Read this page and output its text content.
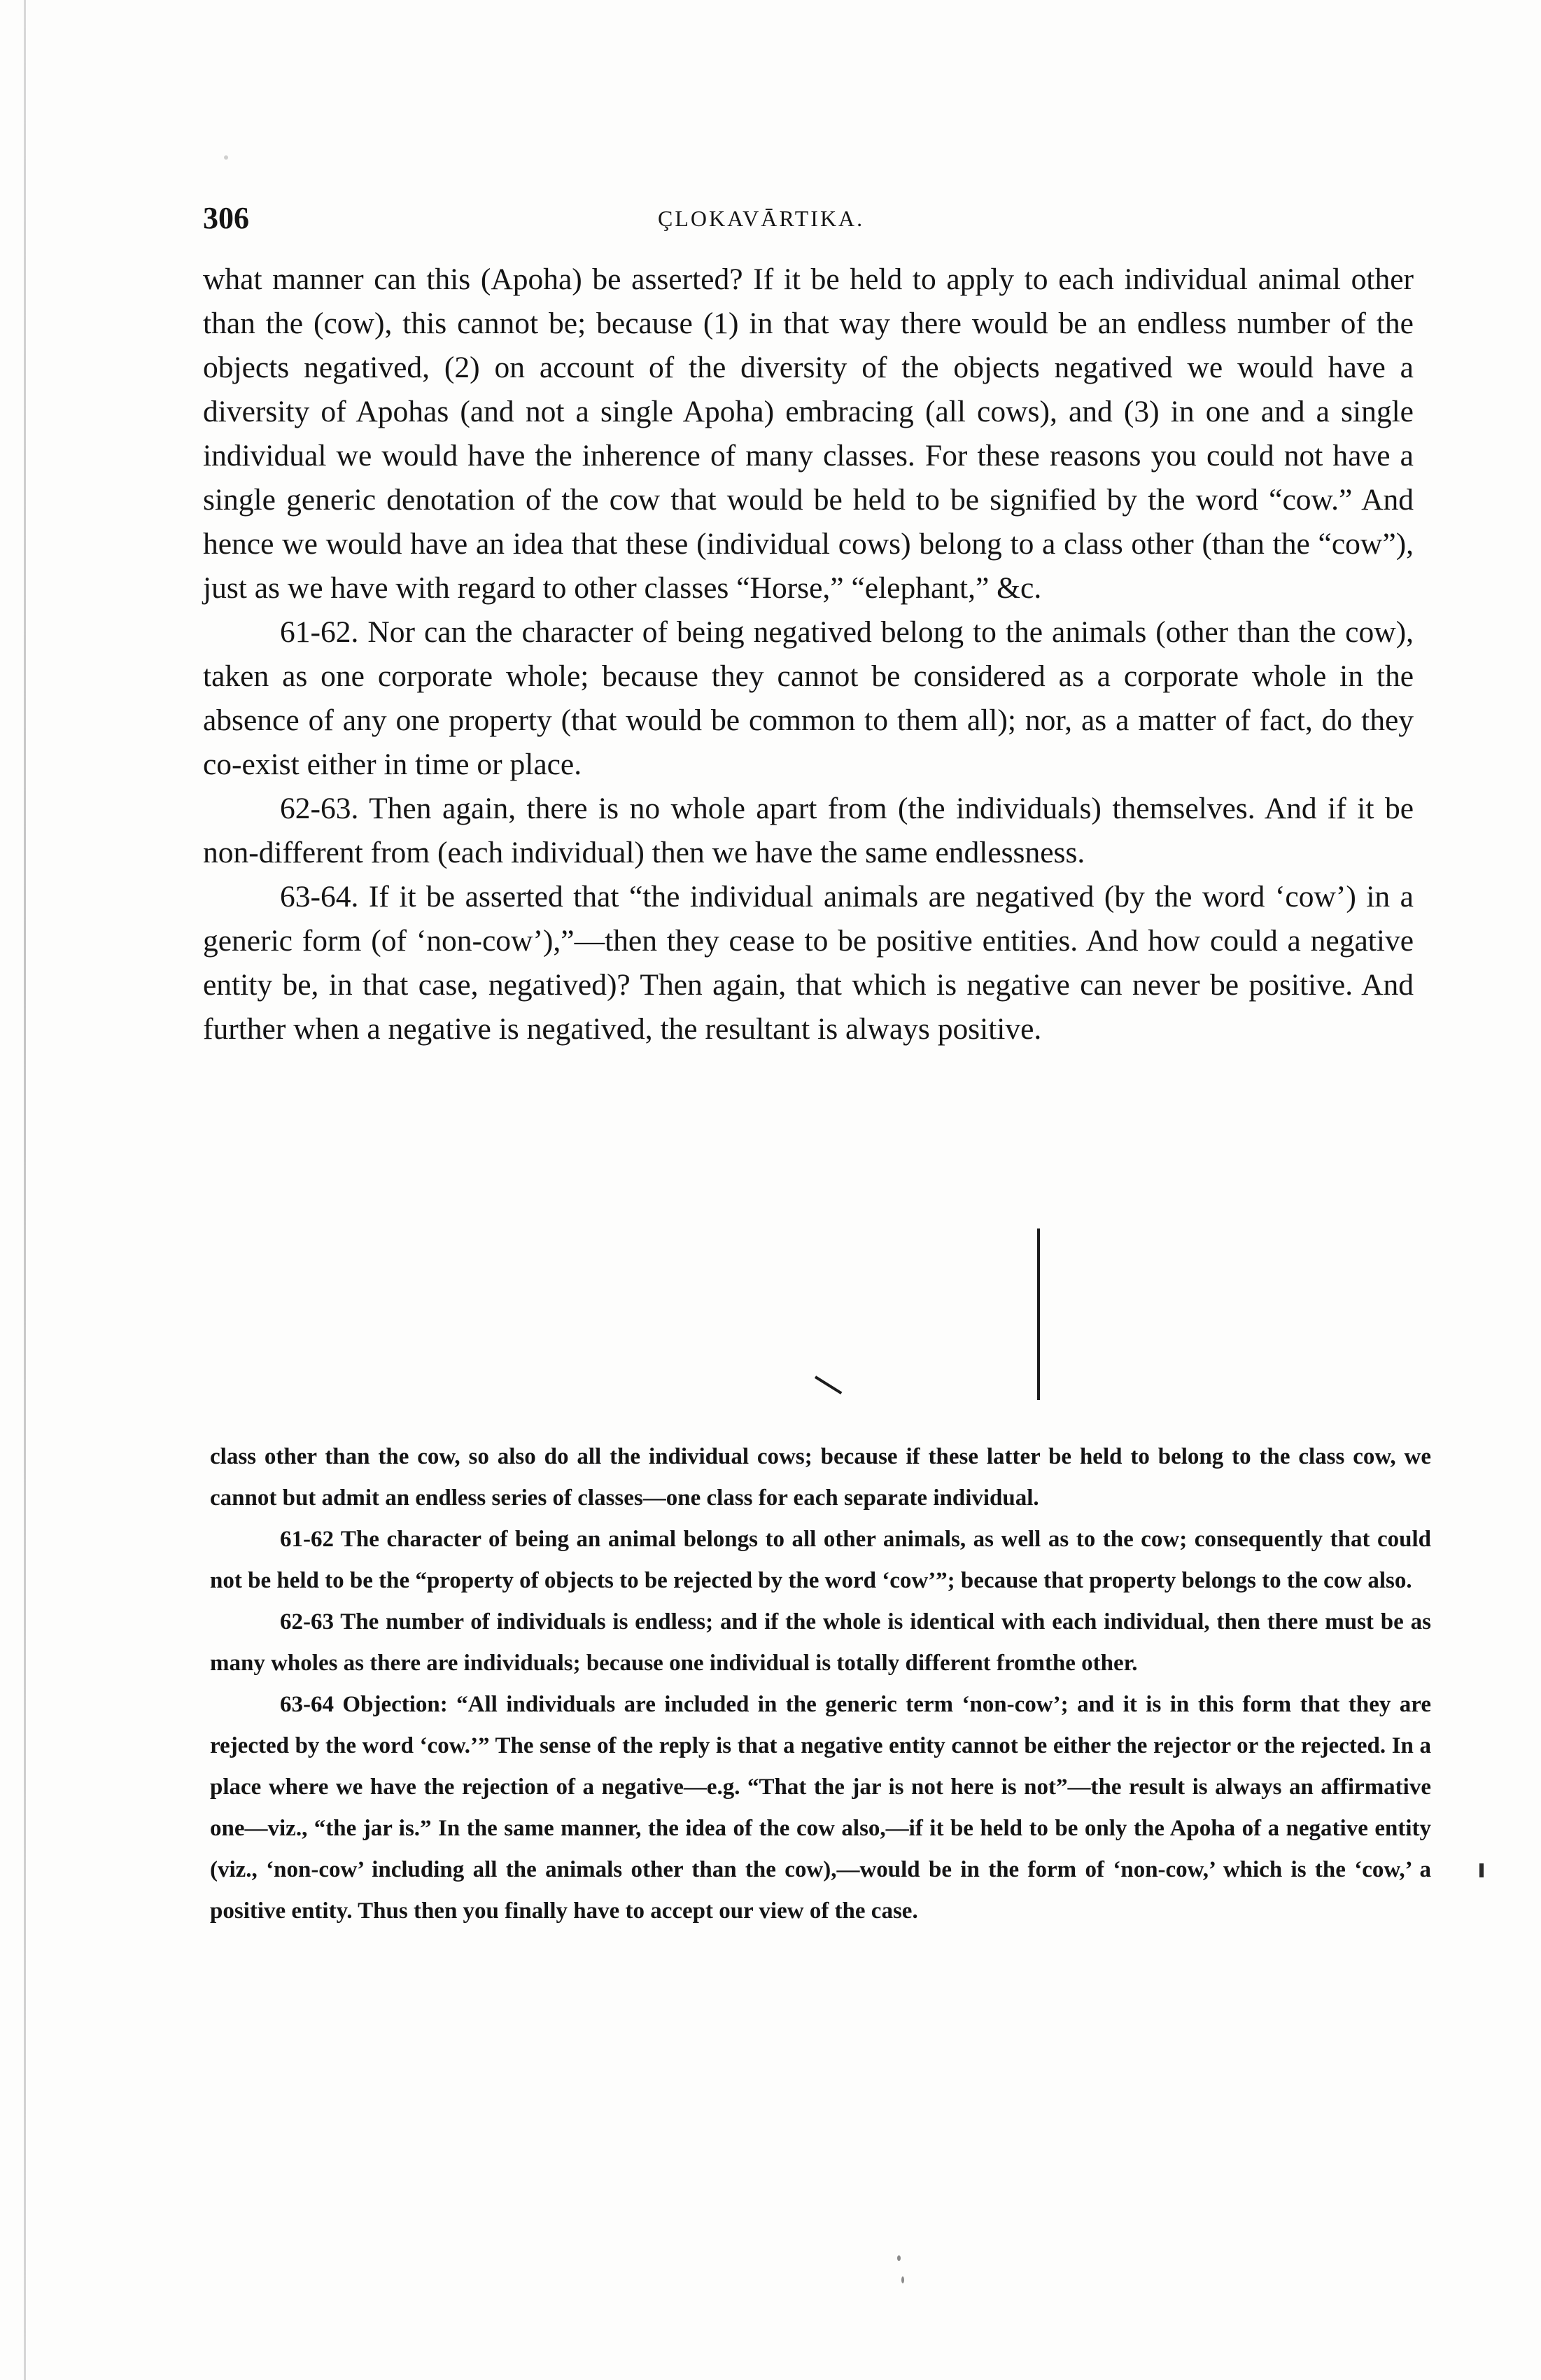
306	ÇLOKAVĀRTIKA.

what manner can this (Apoha) be asserted? If it be held to apply to each individual animal other than the (cow), this cannot be; because (1) in that way there would be an endless number of the objects negatived, (2) on account of the diversity of the objects negatived we would have a diversity of Apohas (and not a single Apoha) embracing (all cows), and (3) in one and a single individual we would have the inherence of many classes. For these reasons you could not have a single generic denotation of the cow that would be held to be signified by the word “cow.” And hence we would have an idea that these (individual cows) belong to a class other (than the “cow”), just as we have with regard to other classes “Horse,” “elephant,” &c.

61-62. Nor can the character of being negatived belong to the animals (other than the cow), taken as one corporate whole; because they cannot be considered as a corporate whole in the absence of any one property (that would be common to them all); nor, as a matter of fact, do they co-exist either in time or place.

62-63. Then again, there is no whole apart from (the individuals) themselves. And if it be non-different from (each individual) then we have the same endlessness.

63-64. If it be asserted that “the individual animals are negatived (by the word ‘cow’) in a generic form (of ‘non-cow’),”—then they cease to be positive entities. And how could a negative entity be, in that case, negatived)? Then again, that which is negative can never be positive. And further when a negative is negatived, the resultant is always positive.

class other than the cow, so also do all the individual cows; because if these latter be held to belong to the class cow, we cannot but admit an endless series of classes—one class for each separate individual.

61-62 The character of being an animal belongs to all other animals, as well as to the cow; consequently that could not be held to be the “property of objects to be rejected by the word ‘cow’”; because that property belongs to the cow also.

62-63 The number of individuals is endless; and if the whole is identical with each individual, then there must be as many wholes as there are individuals; because one individual is totally different fromthe other.

63-64 Objection: “All individuals are included in the generic term ‘non-cow’; and it is in this form that they are rejected by the word ‘cow.’” The sense of the reply is that a negative entity cannot be either the rejector or the rejected. In a place where we have the rejection of a negative—e.g. “That the jar is not here is not”—the result is always an affirmative one—viz., “the jar is.” In the same manner, the idea of the cow also,—if it be held to be only the Apoha of a negative entity (viz., ‘non-cow’ including all the animals other than the cow),—would be in the form of ‘non-cow,’ which is the ‘cow,’ a positive entity. Thus then you finally have to accept our view of the case.
